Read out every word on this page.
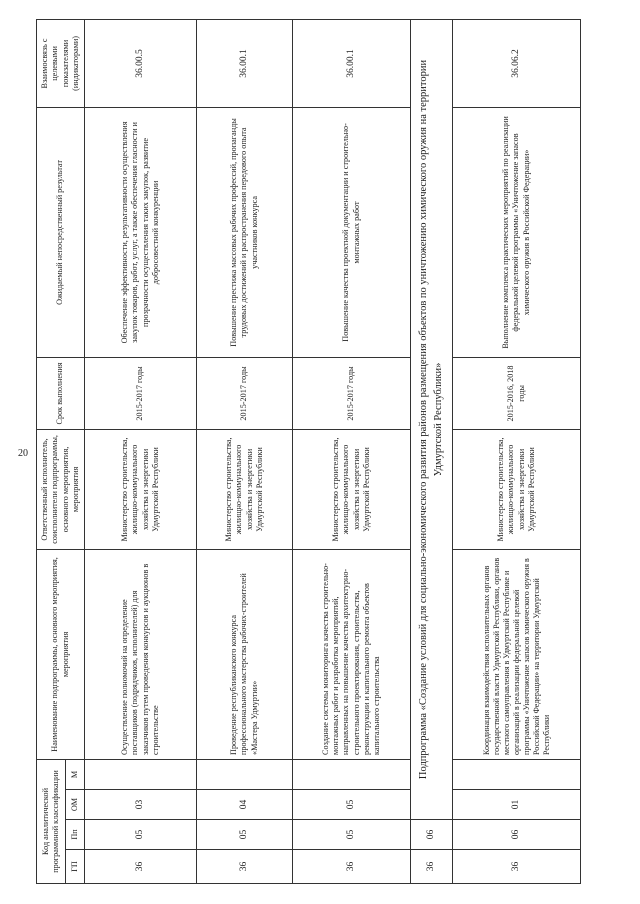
20
Код аналитической программной классификации				Наименование подпрограммы, основного мероприятия, мероприятия	Ответственный исполнитель, соисполнители подпрограммы, основного мероприятия, мероприятия	Срок выполнения	Ожидаемый непосредственный результат	Взаимосвязь с целевыми показателями (индикаторами)
ГП	Пп	ОМ	М					
36	05	03		Осуществление полномочий на определение поставщиков (подрядчиков, исполнителей) для заказчиков путем проведения конкурсов и аукционов в строительстве	Министерство строительства, жилищно-коммунального хозяйства и энергетики Удмуртской Республики	2015-2017 годы	Обеспечение эффективности, результативности осуществления закупок товаров, работ, услуг, а также обеспечения гласности и прозрачности осуществления таких закупок, развитие добросовестной конкуренции	36.00.5
36	05	04		Проведение республиканского конкурса профессионального мастерства рабочих-строителей «Мастера Удмуртии»	Министерство строительства, жилищно-коммунального хозяйства и энергетики Удмуртской Республики	2015-2017 годы	Повышение престижа массовых рабочих профессий, пропаганды трудовых достижений и распространения передового опыта участников конкурса	36.00.1
36	05	05		Создание системы мониторинга качества строительно-монтажных работ и разработка мероприятий, направленных на повышение качества архитектурно-строительного проектирования, строительства, реконструкции и капитального ремонта объектов капитального строительства	Министерство строительства, жилищно-коммунального хозяйства и энергетики Удмуртской Республики	2015-2017 годы	Повышение качества проектной документации и строительно-монтажных работ	36.00.1
36	06	Подпрограмма «Создание условий для социально-экономического развития районов размещения объектов по уничтожению химического оружия на территории Удмуртской Республики»						
36	06	01		Координация взаимодействия исполнительных органов государственной власти Удмуртской Республики, органов местного самоуправления в Удмуртской Республике и организаций в реализации федеральной целевой программы «Уничтожение запасов химического оружия в Российской Федерации» на территории Удмуртской Республики	Министерство строительства, жилищно-коммунального хозяйства и энергетики Удмуртской Республики	2015-2016, 2018 годы	Выполнение комплекса практических мероприятий по реализации федеральной целевой программы «Уничтожение запасов химического оружия в Российской Федерации»	36.06.2
